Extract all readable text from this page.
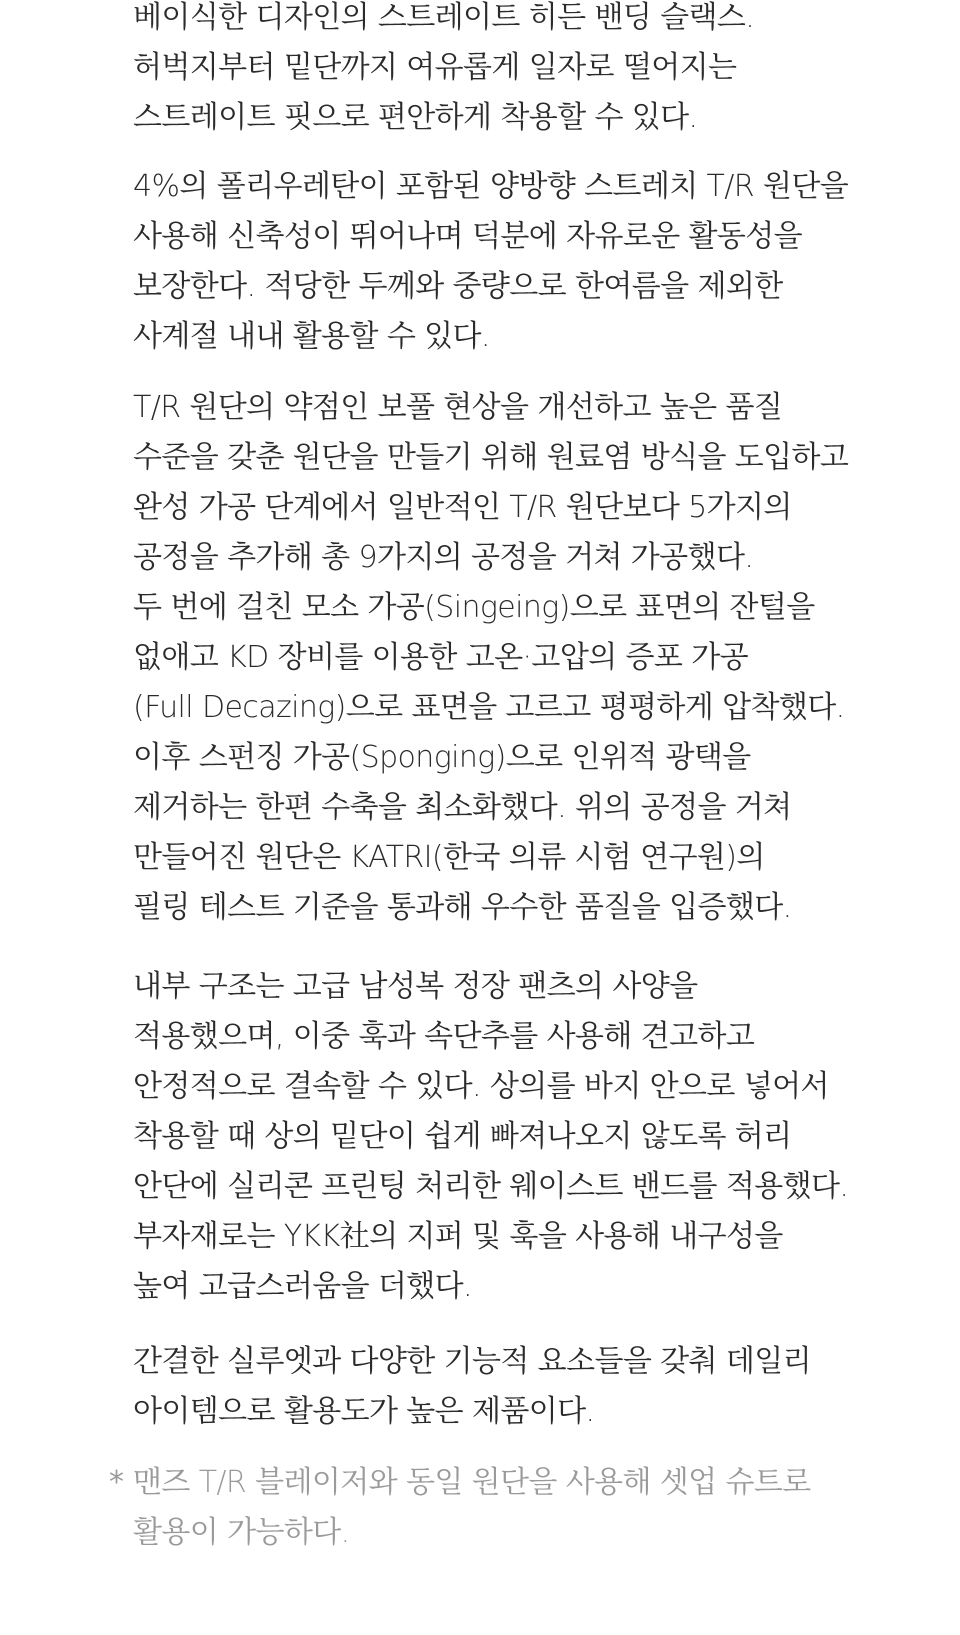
베이식한 디자인의 스트레이트 히든 밴딩 슬랙스.
허벅지부터 밑단까지 여유롭게 일자로 떨어지는
스트레이트 핏으로 편안하게 착용할 수 있다.
4%의 폴리우레탄이 포함된 양방향 스트레치 T/R 원단을
사용해 신축성이 뛰어나며 덕분에 자유로운 활동성을
보장한다. 적당한 두께와 중량으로 한여름을 제외한
사계절 내내 활용할 수 있다.
T/R 원단의 약점인 보풀 현상을 개선하고 높은 품질
수준을 갖춘 원단을 만들기 위해 원료염 방식을 도입하고
완성 가공 단계에서 일반적인 T/R 원단보다 5가지의
공정을 추가해 총 9가지의 공정을 거쳐 가공했다.
두 번에 걸친 모소 가공(Singeing)으로 표면의 잔털을
없애고 KD 장비를 이용한 고온·고압의 증포 가공
(Full Decazing)으로 표면을 고르고 평평하게 압착했다.
이후 스펀징 가공(Sponging)으로 인위적 광택을
제거하는 한편 수축을 최소화했다. 위의 공정을 거쳐
만들어진 원단은 KATRI(한국 의류 시험 연구원)의
필링 테스트 기준을 통과해 우수한 품질을 입증했다.
내부 구조는 고급 남성복 정장 팬츠의 사양을
적용했으며, 이중 훅과 속단추를 사용해 견고하고
안정적으로 결속할 수 있다. 상의를 바지 안으로 넣어서
착용할 때 상의 밑단이 쉽게 빠져나오지 않도록 허리
안단에 실리콘 프린팅 처리한 웨이스트 밴드를 적용했다.
부자재로는 YKK社의 지퍼 및 훅을 사용해 내구성을
높여 고급스러움을 더했다.
간결한 실루엣과 다양한 기능적 요소들을 갖춰 데일리
아이템으로 활용도가 높은 제품이다.
* 맨즈 T/R 블레이저와 동일 원단을 사용해 셋업 슈트로
활용이 가능하다.
